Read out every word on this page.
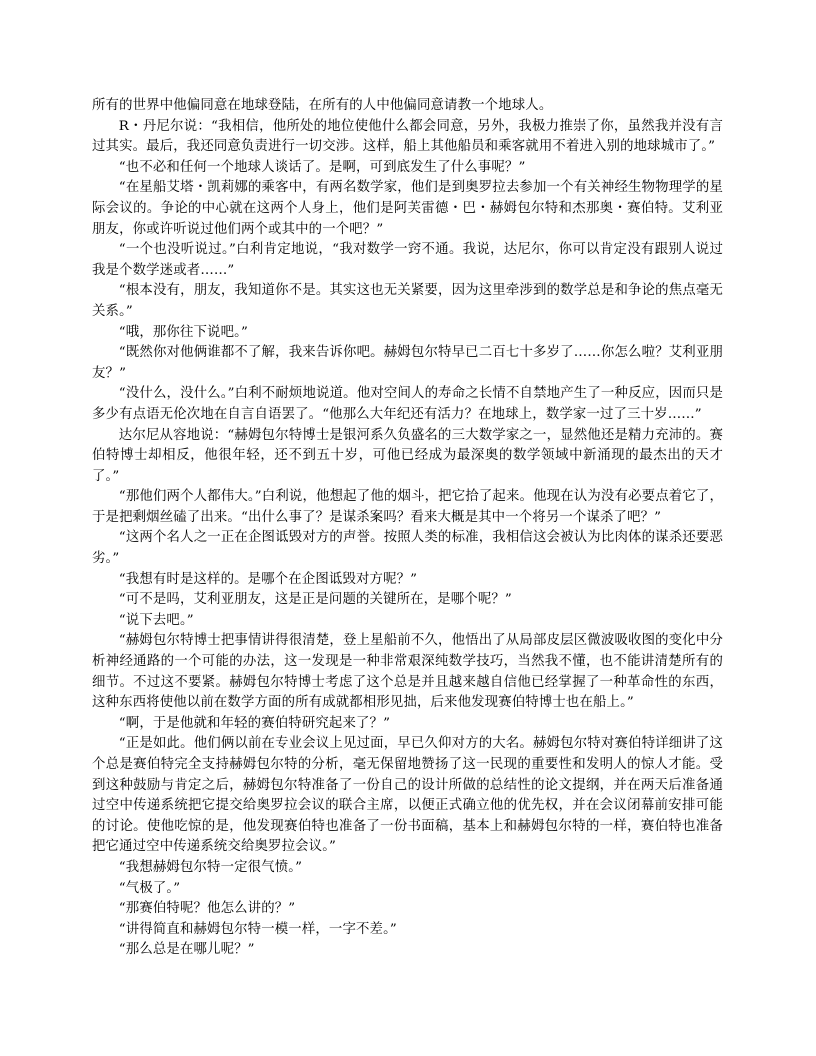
所有的世界中他偏同意在地球登陆，在所有的人中他偏同意请教一个地球人。

R・丹尼尔说：“我相信，他所处的地位使他什么都会同意，另外，我极力推崇了你，虽然我并没有言过其实。最后，我还同意负责进行一切交涉。这样，船上其他船员和乘客就用不着进入别的地球城市了。”

“也不必和任何一个地球人谈话了。是啊，可到底发生了什么事呢？”

“在星船艾塔・凯莉娜的乘客中，有两名数学家，他们是到奥罗拉去参加一个有关神经生物物理学的星际会议的。争论的中心就在这两个人身上，他们是阿芙雷德・巴・赫姆包尔特和杰那奥・赛伯特。艾利亚朋友，你或许听说过他们两个或其中的一个吧？”

“一个也没听说过。”白利肯定地说，“我对数学一窍不通。我说，达尼尔，你可以肯定没有跟别人说过我是个数学迷或者……”

“根本没有，朋友，我知道你不是。其实这也无关紧要，因为这里牵涉到的数学总是和争论的焦点毫无关系。”

“哦，那你往下说吧。”

“既然你对他俩谁都不了解，我来告诉你吧。赫姆包尔特早已二百七十多岁了……你怎么啦？艾利亚朋友？”

“没什么，没什么。”白利不耐烦地说道。他对空间人的寿命之长情不自禁地产生了一种反应，因而只是多少有点语无伦次地在自言自语罢了。“他那么大年纪还有活力？在地球上，数学家一过了三十岁……”

达尔尼从容地说：“赫姆包尔特博士是银河系久负盛名的三大数学家之一，显然他还是精力充沛的。赛伯特博士却相反，他很年轻，还不到五十岁，可他已经成为最深奥的数学领域中新涌现的最杰出的天才了。”

“那他们两个人都伟大。”白利说，他想起了他的烟斗，把它拾了起来。他现在认为没有必要点着它了，于是把剩烟丝磕了出来。“出什么事了？是谋杀案吗？看来大概是其中一个将另一个谋杀了吧？”

“这两个名人之一正在企图诋毁对方的声誉。按照人类的标准，我相信这会被认为比肉体的谋杀还要恶劣。”

“我想有时是这样的。是哪个在企图诋毁对方呢？”

“可不是吗，艾利亚朋友，这是正是问题的关键所在，是哪个呢？”

“说下去吧。”

“赫姆包尔特博士把事情讲得很清楚，登上星船前不久，他悟出了从局部皮层区微波吸收图的变化中分析神经通路的一个可能的办法，这一发现是一种非常艰深纯数学技巧，当然我不懂，也不能讲清楚所有的细节。不过这不要紧。赫姆包尔特博士考虑了这个总是并且越来越自信他已经掌握了一种革命性的东西，这种东西将使他以前在数学方面的所有成就都相形见拙，后来他发现赛伯特博士也在船上。”

“啊，于是他就和年轻的赛伯特研究起来了？”

“正是如此。他们俩以前在专业会议上见过面，早已久仰对方的大名。赫姆包尔特对赛伯特详细讲了这个总是赛伯特完全支持赫姆包尔特的分析，毫无保留地赞扬了这一民现的重要性和发明人的惊人才能。受到这种鼓励与肯定之后，赫姆包尔特准备了一份自己的设计所做的总结性的论文提纲，并在两天后准备通过空中传递系统把它提交给奥罗拉会议的联合主席，以便正式确立他的优先权，并在会议闭幕前安排可能的讨论。使他吃惊的是，他发现赛伯特也准备了一份书面稿，基本上和赫姆包尔特的一样，赛伯特也准备把它通过空中传递系统交给奥罗拉会议。”

“我想赫姆包尔特一定很气愤。”

“气极了。”

“那赛伯特呢？他怎么讲的？”

“讲得简直和赫姆包尔特一模一样，一字不差。”

“那么总是在哪儿呢？”
